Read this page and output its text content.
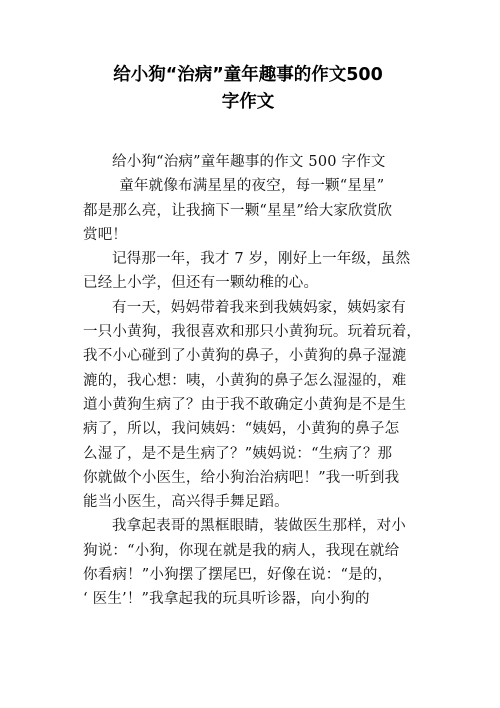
给小狗“治病”童年趣事的作文500
字作文
给小狗“治病”童年趣事的作文 500 字作文
童年就像布满星星的夜空，每一颗“星星”
都是那么亮，让我摘下一颗“星星”给大家欣赏欣
赏吧！
记得那一年，我才 7 岁，刚好上一年级，虽然
已经上小学，但还有一颗幼稚的心。
有一天，妈妈带着我来到我姨妈家，姨妈家有
一只小黄狗，我很喜欢和那只小黄狗玩。玩着玩着，
我不小心碰到了小黄狗的鼻子，小黄狗的鼻子湿漉
漉的，我心想：咦，小黄狗的鼻子怎么湿湿的，难
道小黄狗生病了？由于我不敢确定小黄狗是不是生
病了，所以，我问姨妈：“姨妈，小黄狗的鼻子怎
么湿了，是不是生病了？”姨妈说：“生病了？那
你就做个小医生，给小狗治治病吧！”我一听到我
能当小医生，高兴得手舞足蹈。
我拿起表哥的黑框眼睛，装做医生那样，对小
狗说：“小狗，你现在就是我的病人，我现在就给
你看病！”小狗摆了摆尾巴，好像在说：“是的，
‘ 医生’！”我拿起我的玩具听诊器，向小狗的
